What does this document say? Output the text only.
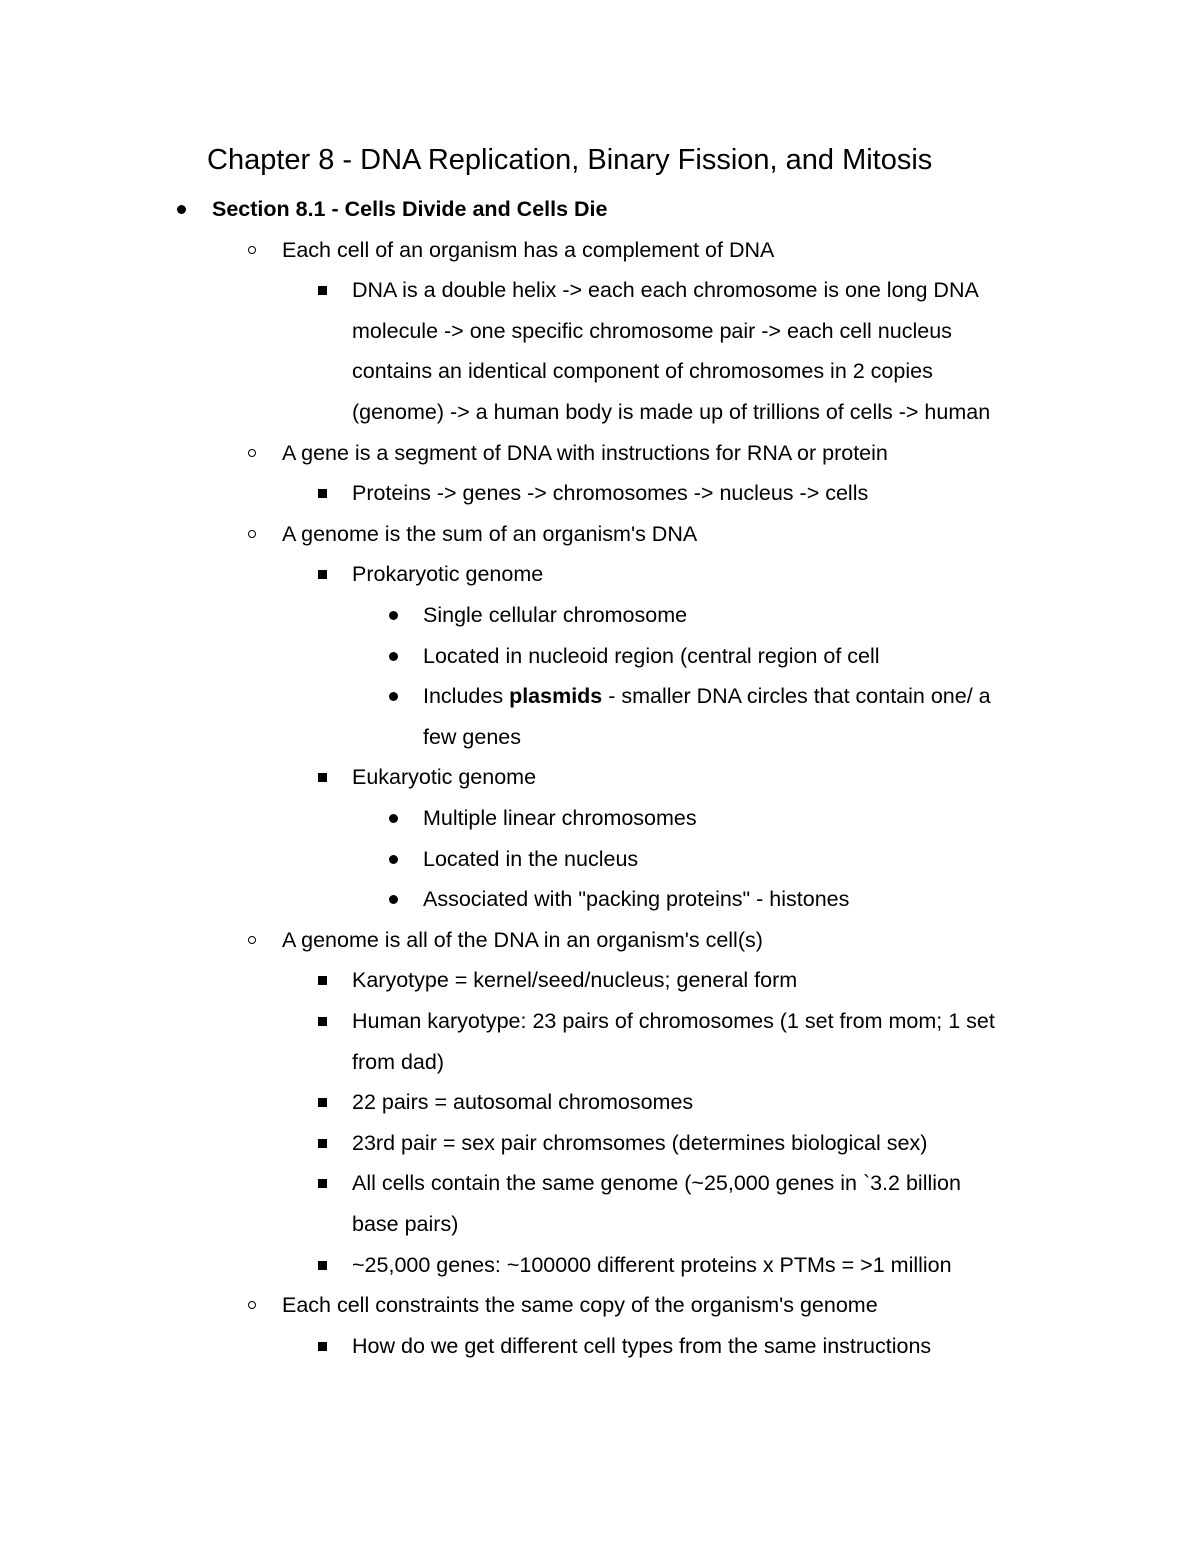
Chapter 8 - DNA Replication, Binary Fission, and Mitosis
Section 8.1 - Cells Divide and Cells Die
Each cell of an organism has a complement of DNA
DNA is a double helix -> each each chromosome is one long DNA
molecule -> one specific chromosome pair -> each cell nucleus
contains an identical component of chromosomes in 2 copies
(genome) -> a human body is made up of trillions of cells -> human
A gene is a segment of DNA with instructions for RNA or protein
Proteins -> genes -> chromosomes -> nucleus -> cells
A genome is the sum of an organism's DNA
Prokaryotic genome
Single cellular chromosome
Located in nucleoid region (central region of cell
Includes plasmids - smaller DNA circles that contain one/ a
few genes
Eukaryotic genome
Multiple linear chromosomes
Located in the nucleus
Associated with "packing proteins" - histones
A genome is all of the DNA in an organism's cell(s)
Karyotype = kernel/seed/nucleus; general form
Human karyotype: 23 pairs of chromosomes (1 set from mom; 1 set
from dad)
22 pairs = autosomal chromosomes
23rd pair = sex pair chromsomes (determines biological sex)
All cells contain the same genome (~25,000 genes in `3.2 billion
base pairs)
~25,000 genes: ~100000 different proteins x PTMs = >1 million
Each cell constraints the same copy of the organism's genome
How do we get different cell types from the same instructions
